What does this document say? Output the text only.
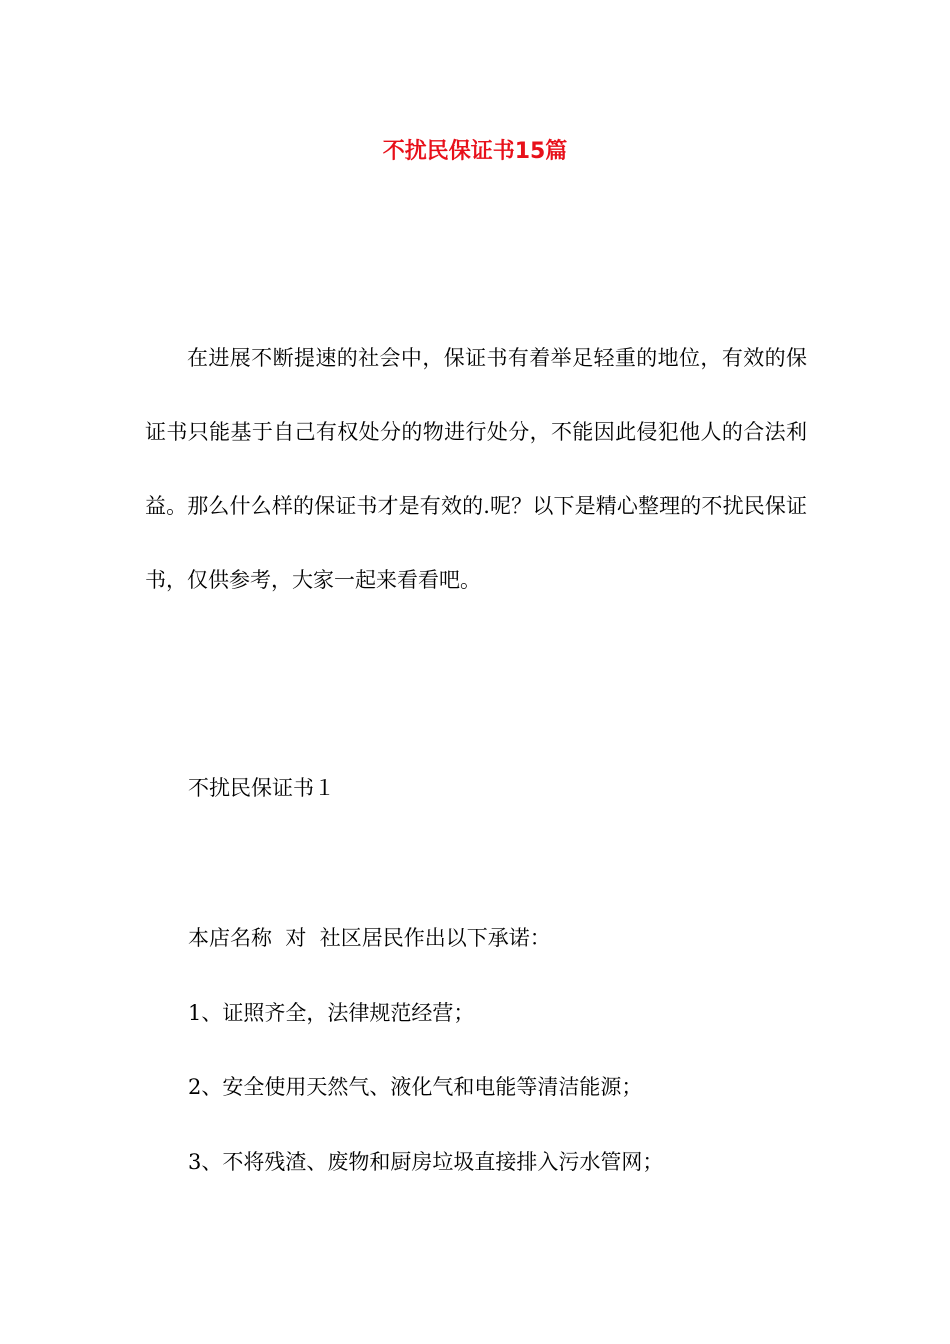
不扰民保证书15篇

在进展不断提速的社会中，保证书有着举足轻重的地位，有效的保证书只能基于自己有权处分的物进行处分，不能因此侵犯他人的合法利益。那么什么样的保证书才是有效的.呢？以下是精心整理的不扰民保证书，仅供参考，大家一起来看看吧。

不扰民保证书１

本店名称  对  社区居民作出以下承诺：

1、证照齐全，法律规范经营；

2、安全使用天然气、液化气和电能等清洁能源；

3、不将残渣、废物和厨房垃圾直接排入污水管网；
